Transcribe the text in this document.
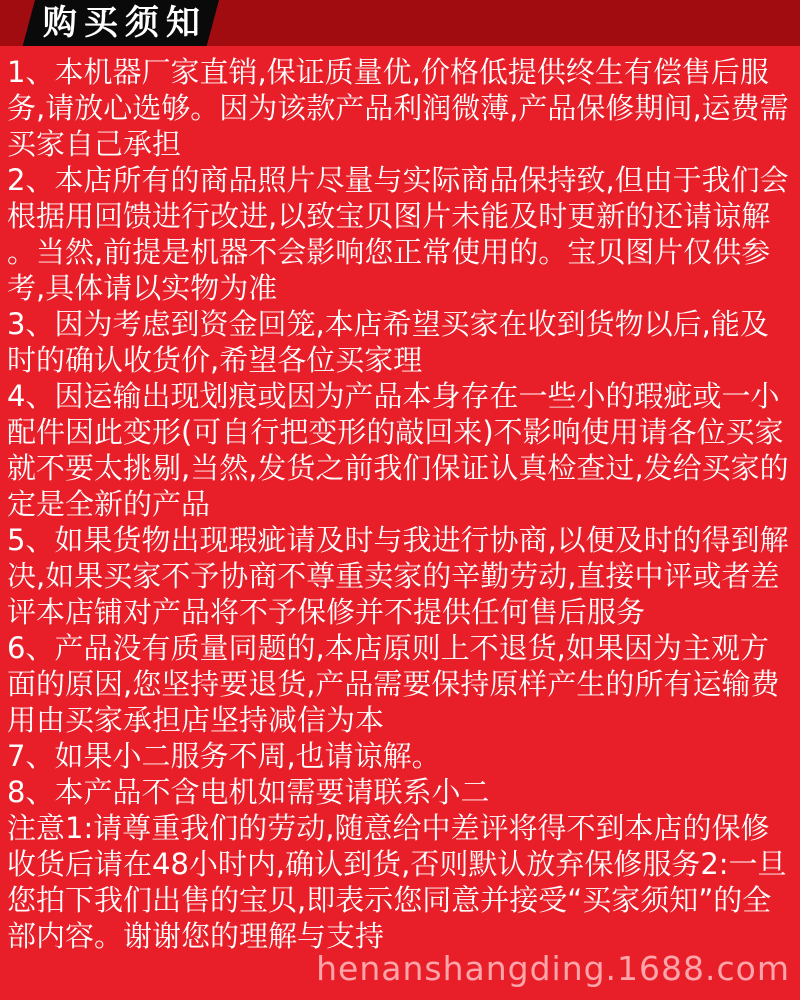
购买须知

1、本机器厂家直销,保证质量优,价格低提供终生有偿售后服务,请放心选够。因为该款产品利润微薄,产品保修期间,运费需买家自己承担

2、本店所有的商品照片尽量与实际商品保持致,但由于我们会根据用回馈进行改进,以致宝贝图片未能及时更新的还请谅解。当然,前提是机器不会影响您正常使用的。宝贝图片仅供参考,具体请以实物为准

3、因为考虑到资金回笼,本店希望买家在收到货物以后,能及时的确认收货价,希望各位买家理

4、因运输出现划痕或因为产品本身存在一些小的瑕疵或一小配件因此变形(可自行把变形的敲回来)不影响使用请各位买家就不要太挑剔,当然,发货之前我们保证认真检查过,发给买家的定是全新的产品

5、如果货物出现瑕疵请及时与我进行协商,以便及时的得到解决,如果买家不予协商不尊重卖家的辛勤劳动,直接中评或者差评本店铺对产品将不予保修并不提供任何售后服务

6、产品没有质量同题的,本店原则上不退货,如果因为主观方面的原因,您坚持要退货,产品需要保持原样产生的所有运输费用由买家承担店坚持减信为本

7、如果小二服务不周,也请谅解。

8、本产品不含电机如需要请联系小二

注意1:请尊重我们的劳动,随意给中差评将得不到本店的保修收货后请在48小时内,确认到货,否则默认放弃保修服务2:一旦您拍下我们出售的宝贝,即表示您同意并接受“买家须知”的全部内容。谢谢您的理解与支持

henanshangding.1688.com
